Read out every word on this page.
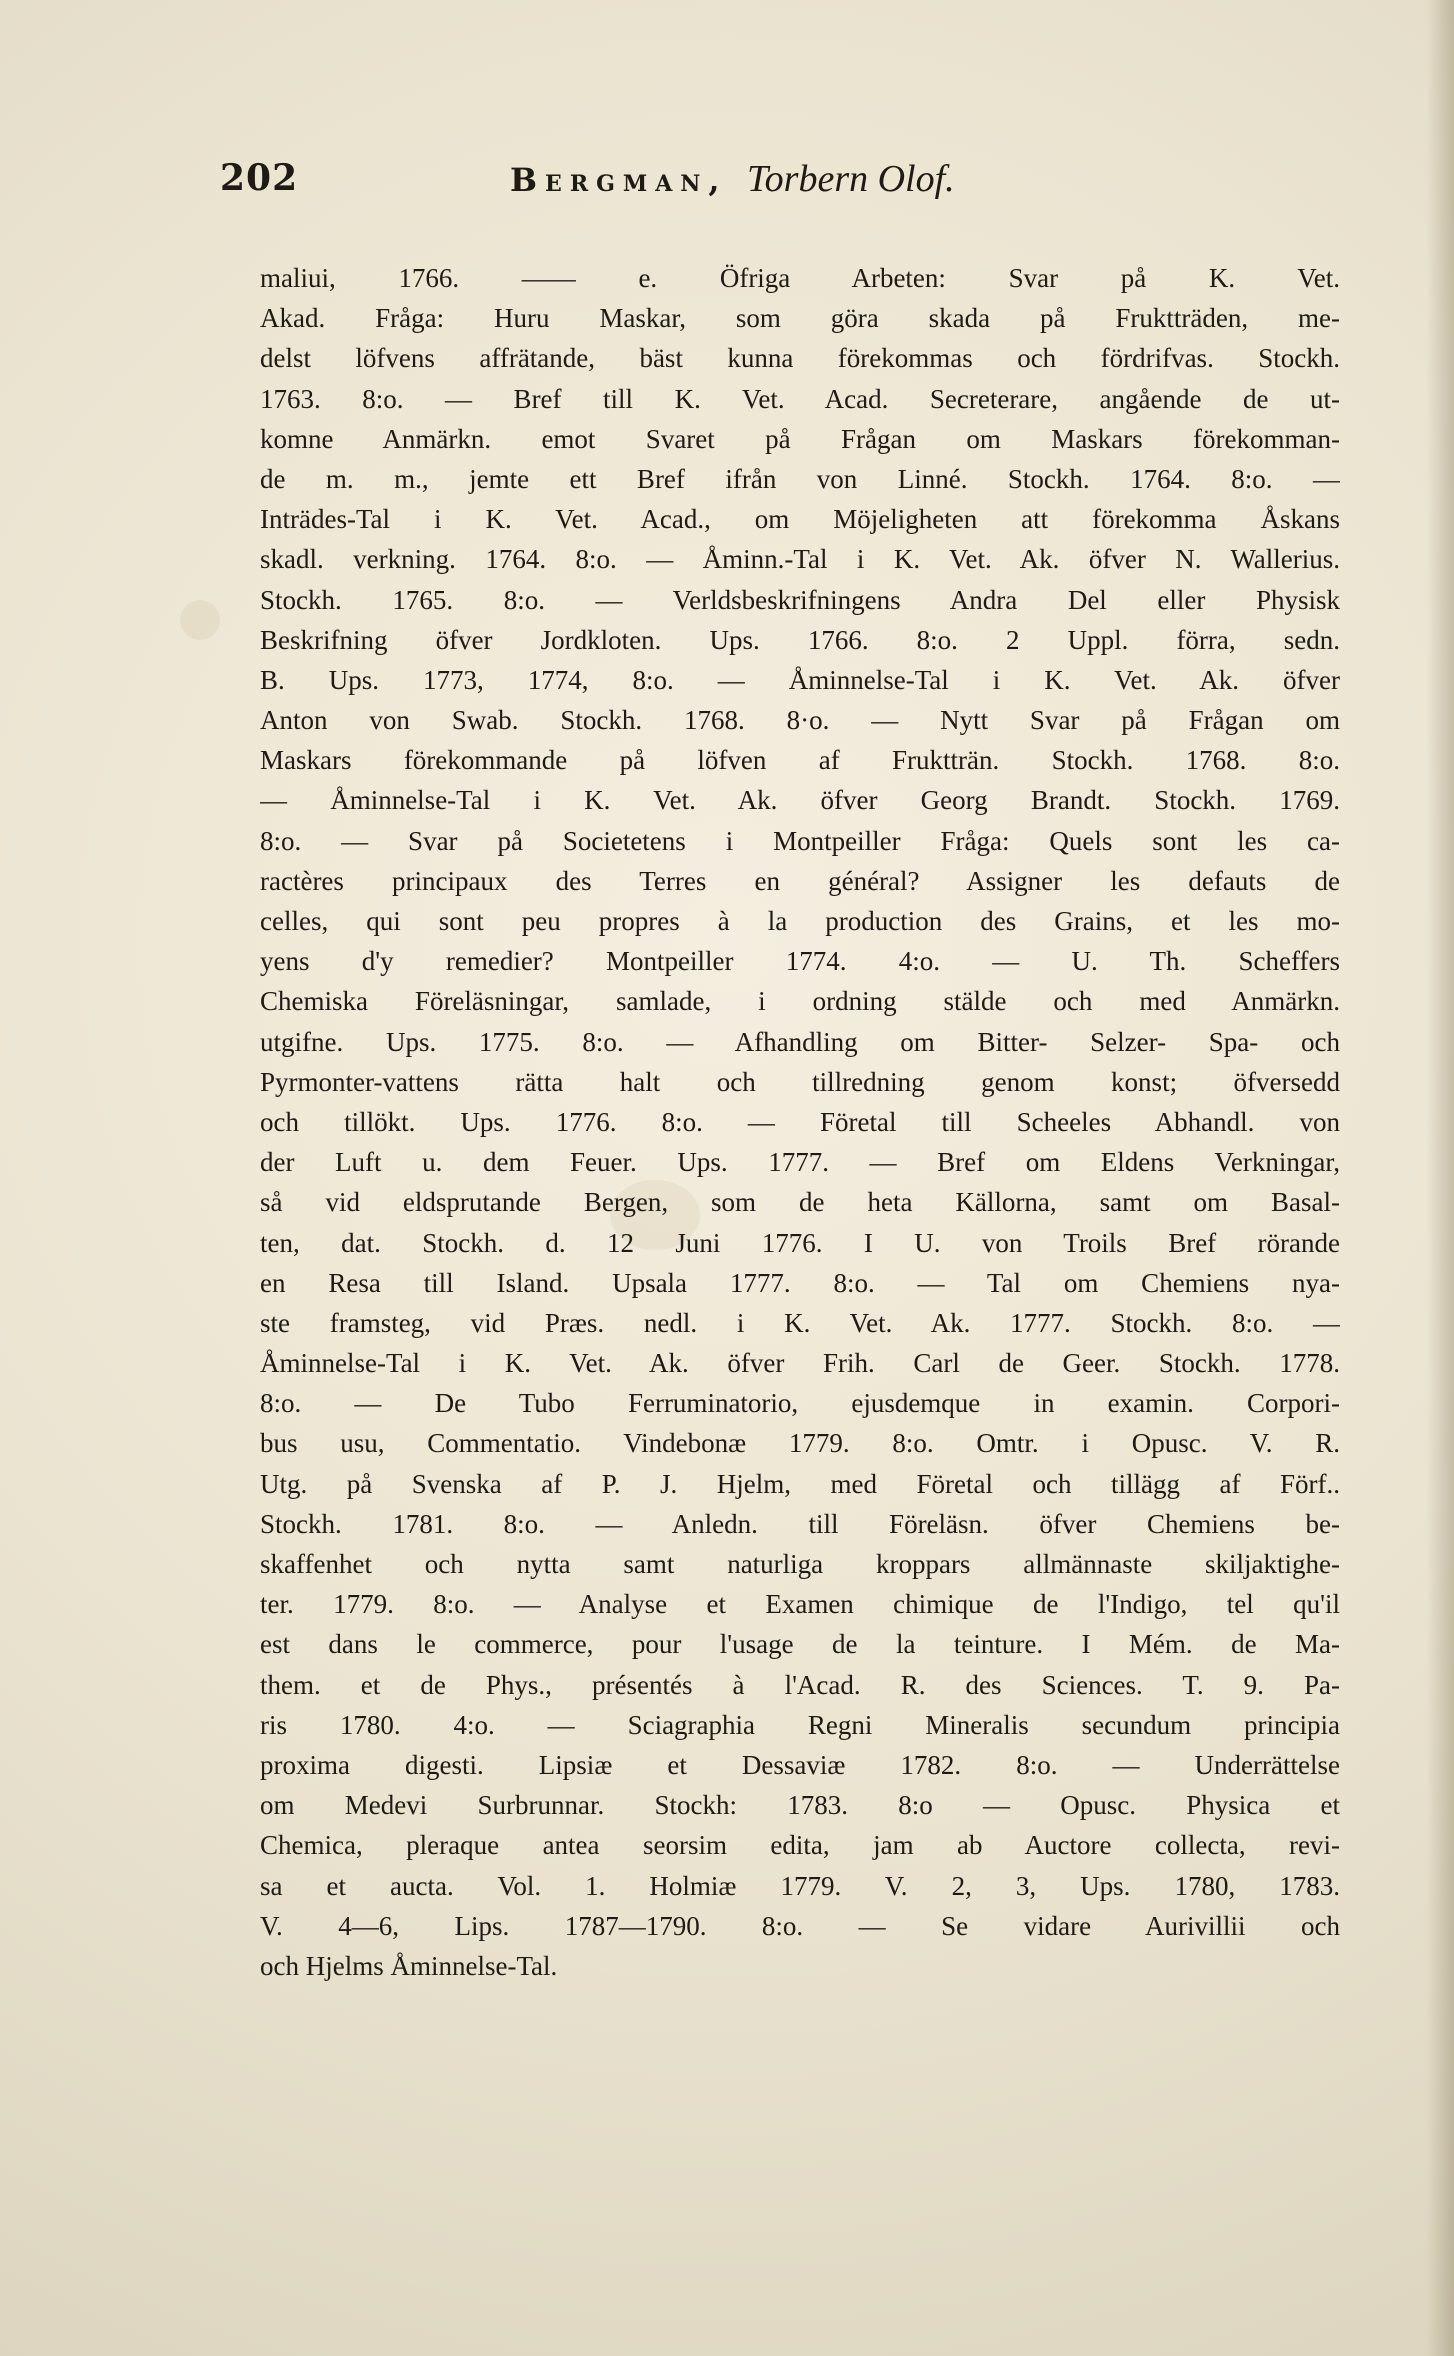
202	Bergman, Torbern Olof.
maliui, 1766. —— e. Öfriga Arbeten: Svar på K. Vet.
Akad. Fråga: Huru Maskar, som göra skada på Fruktträden, me-
delst löfvens affrätande, bäst kunna förekommas och fördrifvas. Stockh.
1763. 8:o. — Bref till K. Vet. Acad. Secreterare, angående de ut-
komne Anmärkn. emot Svaret på Frågan om Maskars förekomman-
de m. m., jemte ett Bref ifrån von Linné. Stockh. 1764. 8:o. —
Inträdes-Tal i K. Vet. Acad., om Möjeligheten att förekomma Åskans
skadl. verkning. 1764. 8:o. — Åminn.-Tal i K. Vet. Ak. öfver N. Wallerius.
Stockh. 1765. 8:o. — Verldsbeskrifningens Andra Del eller Physisk
Beskrifning öfver Jordkloten. Ups. 1766. 8:o. 2 Uppl. förra, sedn.
B. Ups. 1773, 1774, 8:o. — Åminnelse-Tal i K. Vet. Ak. öfver
Anton von Swab. Stockh. 1768. 8·o. — Nytt Svar på Frågan om
Maskars förekommande på löfven af Fruktträn. Stockh. 1768. 8:o.
— Åminnelse-Tal i K. Vet. Ak. öfver Georg Brandt. Stockh. 1769.
8:o. — Svar på Societetens i Montpeiller Fråga: Quels sont les ca-
ractères principaux des Terres en général? Assigner les defauts de
celles, qui sont peu propres à la production des Grains, et les mo-
yens d'y remedier? Montpeiller 1774. 4:o. — U. Th. Scheffers
Chemiska Föreläsningar, samlade, i ordning stälde och med Anmärkn.
utgifne. Ups. 1775. 8:o. — Afhandling om Bitter- Selzer- Spa- och
Pyrmonter-vattens rätta halt och tillredning genom konst; öfversedd
och tillökt. Ups. 1776. 8:o. — Företal till Scheeles Abhandl. von
der Luft u. dem Feuer. Ups. 1777. — Bref om Eldens Verkningar,
så vid eldsprutande Bergen, som de heta Källorna, samt om Basal-
ten, dat. Stockh. d. 12 Juni 1776. I U. von Troils Bref rörande
en Resa till Island. Upsala 1777. 8:o. — Tal om Chemiens nya-
ste framsteg, vid Præs. nedl. i K. Vet. Ak. 1777. Stockh. 8:o. —
Åminnelse-Tal i K. Vet. Ak. öfver Frih. Carl de Geer. Stockh. 1778.
8:o. — De Tubo Ferruminatorio, ejusdemque in examin. Corpori-
bus usu, Commentatio. Vindebonæ 1779. 8:o. Omtr. i Opusc. V. R.
Utg. på Svenska af P. J. Hjelm, med Företal och tillägg af Förf..
Stockh. 1781. 8:o. — Anledn. till Föreläsn. öfver Chemiens be-
skaffenhet och nytta samt naturliga kroppars allmännaste skiljaktighe-
ter. 1779. 8:o. — Analyse et Examen chimique de l'Indigo, tel qu'il
est dans le commerce, pour l'usage de la teinture. I Mém. de Ma-
them. et de Phys., présentés à l'Acad. R. des Sciences. T. 9. Pa-
ris 1780. 4:o. — Sciagraphia Regni Mineralis secundum principia
proxima digesti. Lipsiæ et Dessaviæ 1782. 8:o. — Underrättelse
om Medevi Surbrunnar. Stockh: 1783. 8:o — Opusc. Physica et
Chemica, pleraque antea seorsim edita, jam ab Auctore collecta, revi-
sa et aucta. Vol. 1. Holmiæ 1779. V. 2, 3, Ups. 1780, 1783.
V. 4—6, Lips. 1787—1790. 8:o. — Se vidare Aurivillii och
och Hjelms Åminnelse-Tal.
